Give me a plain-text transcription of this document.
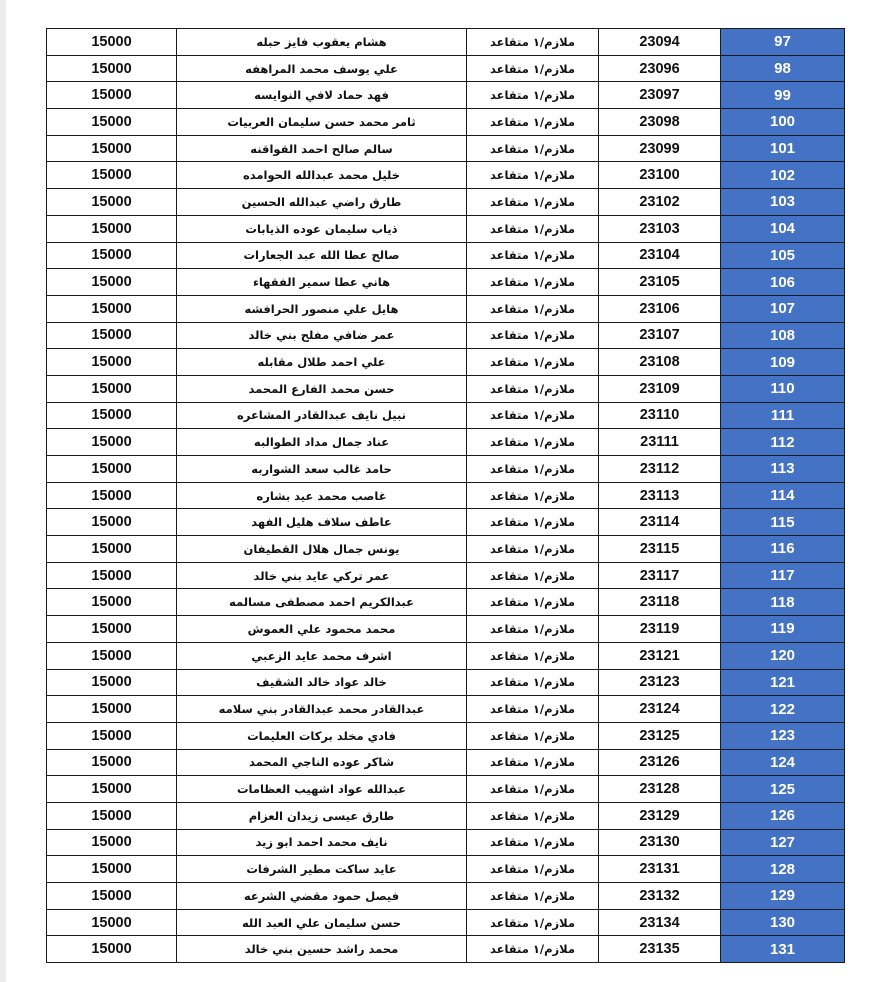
15000	هشام يعقوب فايز حبله	ملازم/١ متقاعد	23094	97
15000	علي يوسف محمد المراهفه	ملازم/١ متقاعد	23096	98
15000	فهد حماد لافي النوايسه	ملازم/١ متقاعد	23097	99
15000	ثامر محمد حسن سليمان العربيات	ملازم/١ متقاعد	23098	100
15000	سالم صالح احمد القواقنه	ملازم/١ متقاعد	23099	101
15000	خليل محمد عبدالله الحوامده	ملازم/١ متقاعد	23100	102
15000	طارق راضي عبدالله الحسين	ملازم/١ متقاعد	23102	103
15000	ذياب سليمان عوده الذيابات	ملازم/١ متقاعد	23103	104
15000	صالح عطا الله عبد الجعارات	ملازم/١ متقاعد	23104	105
15000	هاني عطا سمير الفقهاء	ملازم/١ متقاعد	23105	106
15000	هايل علي منصور الحرافشه	ملازم/١ متقاعد	23106	107
15000	عمر ضافي مفلح بني خالد	ملازم/١ متقاعد	23107	108
15000	علي احمد طلال مقابله	ملازم/١ متقاعد	23108	109
15000	حسن محمد الفارع المحمد	ملازم/١ متقاعد	23109	110
15000	نبيل نايف عبدالقادر المشاعره	ملازم/١ متقاعد	23110	111
15000	عناد جمال مداد الطوالبه	ملازم/١ متقاعد	23111	112
15000	حامد غالب سعد الشواربه	ملازم/١ متقاعد	23112	113
15000	غاصب محمد عيد بشاره	ملازم/١ متقاعد	23113	114
15000	عاطف سلاف هليل الفهد	ملازم/١ متقاعد	23114	115
15000	يونس جمال هلال القطيفان	ملازم/١ متقاعد	23115	116
15000	عمر تركي عايد بني خالد	ملازم/١ متقاعد	23117	117
15000	عبدالكريم احمد مصطفى مسالمه	ملازم/١ متقاعد	23118	118
15000	محمد محمود علي العموش	ملازم/١ متقاعد	23119	119
15000	اشرف محمد عايد الزعبي	ملازم/١ متقاعد	23121	120
15000	خالد عواد خالد الشقيف	ملازم/١ متقاعد	23123	121
15000	عبدالقادر محمد عبدالقادر بني سلامه	ملازم/١ متقاعد	23124	122
15000	فادي مخلد بركات العليمات	ملازم/١ متقاعد	23125	123
15000	شاكر عوده الناجي المحمد	ملازم/١ متقاعد	23126	124
15000	عبدالله عواد اشهيب العظامات	ملازم/١ متقاعد	23128	125
15000	طارق عيسى زيدان العزام	ملازم/١ متقاعد	23129	126
15000	نايف محمد احمد ابو زيد	ملازم/١ متقاعد	23130	127
15000	عايد ساكت مطير الشرفات	ملازم/١ متقاعد	23131	128
15000	فيصل حمود مقضي الشرعه	ملازم/١ متقاعد	23132	129
15000	حسن سليمان علي العبد الله	ملازم/١ متقاعد	23134	130
15000	محمد راشد حسين بني خالد	ملازم/١ متقاعد	23135	131
